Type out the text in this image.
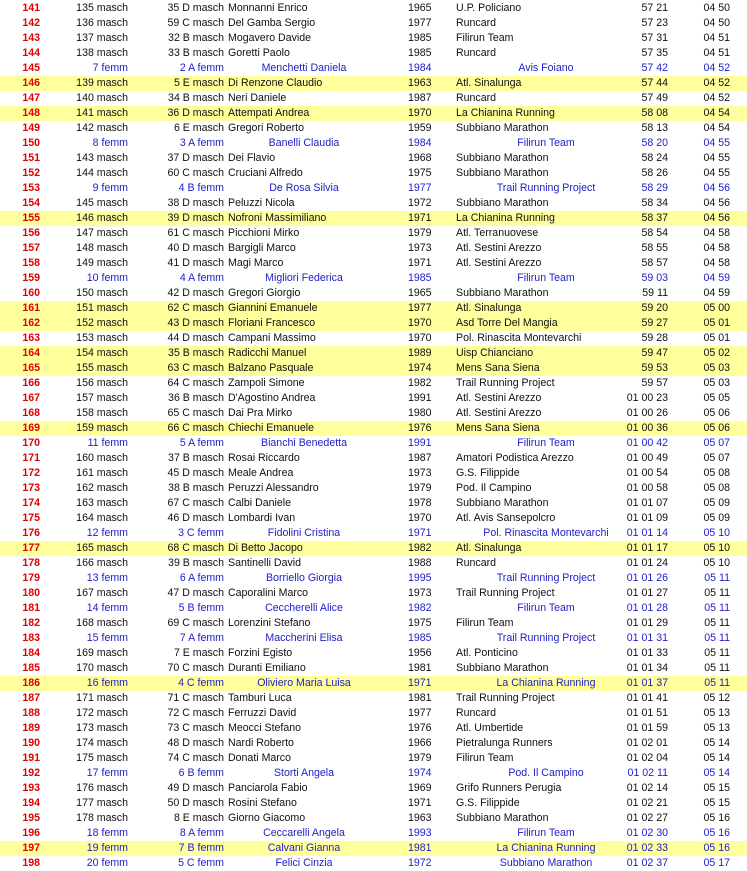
141	135 masch	35 D masch Monnanni Enrico	1965 U.P. Policiano	57 21	04 50
142	136 masch	59 C masch Del Gamba Sergio	1977 Runcard	57 23	04 50
143	137 masch	32 B masch Mogavero Davide	1985 Filirun Team	57 31	04 51
144	138 masch	33 B masch Goretti Paolo	1985 Runcard	57 35	04 51
145	7 femm	2 A femm	Menchetti Daniela	1984	Avis Foiano	57 42	04 52
146	139 masch	5 E masch Di Renzone Claudio	1963 Atl. Sinalunga	57 44	04 52
147	140 masch	34 B masch Neri Daniele	1987 Runcard	57 49	04 52
148	141 masch	36 D masch Attempati Andrea	1970 La Chianina Running	58 08	04 54
149	142 masch	6 E masch Gregori Roberto	1959 Subbiano Marathon	58 13	04 54
150	8 femm	3 A femm	Banelli Claudia	1984	Filirun Team	58 20	04 55
151	143 masch	37 D masch Dei Flavio	1968 Subbiano Marathon	58 24	04 55
152	144 masch	60 C masch Cruciani Alfredo	1975 Subbiano Marathon	58 26	04 55
153	9 femm	4 B femm	De Rosa Silvia	1977	Trail Running Project	58 29	04 56
154	145 masch	38 D masch Peluzzi Nicola	1972 Subbiano Marathon	58 34	04 56
155	146 masch	39 D masch Nofroni Massimiliano	1971 La Chianina Running	58 37	04 56
156	147 masch	61 C masch Picchioni Mirko	1979 Atl. Terranuovese	58 54	04 58
157	148 masch	40 D masch Bargigli Marco	1973 Atl. Sestini Arezzo	58 55	04 58
158	149 masch	41 D masch Magi Marco	1971 Atl. Sestini Arezzo	58 57	04 58
159	10 femm	4 A femm	Migliori Federica	1985	Filirun Team	59 03	04 59
160	150 masch	42 D masch Gregori Giorgio	1965 Subbiano Marathon	59 11	04 59
161	151 masch	62 C masch Giannini Emanuele	1977 Atl. Sinalunga	59 20	05 00
162	152 masch	43 D masch Floriani Francesco	1970 Asd Torre Del Mangia	59 27	05 01
163	153 masch	44 D masch Campani Massimo	1970 Pol. Rinascita Montevarchi	59 28	05 01
164	154 masch	35 B masch Radicchi Manuel	1989 Uisp Chianciano	59 47	05 02
165	155 masch	63 C masch Balzano Pasquale	1974 Mens Sana Siena	59 53	05 03
166	156 masch	64 C masch Zampoli Simone	1982 Trail Running Project	59 57	05 03
167	157 masch	36 B masch D'Agostino Andrea	1991 Atl. Sestini Arezzo	01 00 23	05 05
168	158 masch	65 C masch Dai Pra Mirko	1980 Atl. Sestini Arezzo	01 00 26	05 06
169	159 masch	66 C masch Chiechi Emanuele	1976 Mens Sana Siena	01 00 36	05 06
170	11 femm	5 A femm	Bianchi Benedetta	1991	Filirun Team	01 00 42	05 07
171	160 masch	37 B masch Rosai Riccardo	1987 Amatori Podistica Arezzo	01 00 49	05 07
172	161 masch	45 D masch Meale Andrea	1973 G.S. Filippide	01 00 54	05 08
173	162 masch	38 B masch Peruzzi Alessandro	1979 Pod. Il Campino	01 00 58	05 08
174	163 masch	67 C masch Calbi Daniele	1978 Subbiano Marathon	01 01 07	05 09
175	164 masch	46 D masch Lombardi Ivan	1970 Atl. Avis Sansepolcro	01 01 09	05 09
176	12 femm	3 C femm	Fidolini Cristina	1971	Pol. Rinascita Montevarchi	01 01 14	05 10
177	165 masch	68 C masch Di Betto Jacopo	1982 Atl. Sinalunga	01 01 17	05 10
178	166 masch	39 B masch Santinelli David	1988 Runcard	01 01 24	05 10
179	13 femm	6 A femm	Borriello Giorgia	1995	Trail Running Project	01 01 26	05 11
180	167 masch	47 D masch Caporalini Marco	1973 Trail Running Project	01 01 27	05 11
181	14 femm	5 B femm	Ceccherelli Alice	1982	Filirun Team	01 01 28	05 11
182	168 masch	69 C masch Lorenzini Stefano	1975 Filirun Team	01 01 29	05 11
183	15 femm	7 A femm	Maccherini Elisa	1985	Trail Running Project	01 01 31	05 11
184	169 masch	7 E masch Forzini Egisto	1956 Atl. Ponticino	01 01 33	05 11
185	170 masch	70 C masch Duranti Emiliano	1981 Subbiano Marathon	01 01 34	05 11
186	16 femm	4 C femm	Oliviero Maria Luisa	1971	La Chianina Running	01 01 37	05 11
187	171 masch	71 C masch Tamburi Luca	1981 Trail Running Project	01 01 41	05 12
188	172 masch	72 C masch Ferruzzi David	1977 Runcard	01 01 51	05 13
189	173 masch	73 C masch Meocci Stefano	1976 Atl. Umbertide	01 01 59	05 13
190	174 masch	48 D masch Nardi Roberto	1966 Pietralunga Runners	01 02 01	05 14
191	175 masch	74 C masch Donati Marco	1979 Filirun Team	01 02 04	05 14
192	17 femm	6 B femm	Storti Angela	1974	Pod. Il Campino	01 02 11	05 14
193	176 masch	49 D masch Panciarola Fabio	1969 Grifo Runners Perugia	01 02 14	05 15
194	177 masch	50 D masch Rosini Stefano	1971 G.S. Filippide	01 02 21	05 15
195	178 masch	8 E masch Giorno Giacomo	1963 Subbiano Marathon	01 02 27	05 16
196	18 femm	8 A femm	Ceccarelli Angela	1993	Filirun Team	01 02 30	05 16
197	19 femm	7 B femm	Calvani Gianna	1981	La Chianina Running	01 02 33	05 16
198	20 femm	5 C femm	Felici Cinzia	1972	Subbiano Marathon	01 02 37	05 17
